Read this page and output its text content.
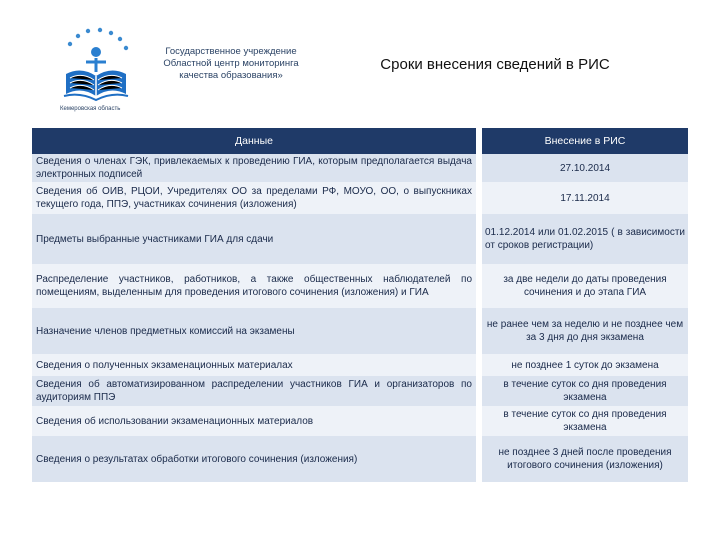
Кемеровская область
Государственное учреждение
Областной центр мониторинга
качества образования»
Сроки внесения сведений в РИС
Данные	Внесение в РИС
Сведения о членах ГЭК, привлекаемых к проведению ГИА, которым предполагается выдача электронных подписей
27.10.2014
Сведения об ОИВ, РЦОИ, Учредителях ОО за пределами РФ, МОУО, ОО, о выпускниках текущего года, ППЭ, участниках сочинения (изложения)
17.11.2014
Предметы выбранные участниками ГИА для сдачи
01.12.2014 или 01.02.2015 ( в зависимости от сроков регистрации)
Распределение участников, работников, а также общественных наблюдателей по помещениям, выделенным для проведения итогового сочинения (изложения) и ГИА
за две недели до даты проведения сочинения и до этапа ГИА
Назначение членов предметных комиссий на экзамены
не ранее чем за неделю и не позднее чем за 3 дня до дня экзамена
Сведения о полученных экзаменационных материалах	не позднее 1 суток до экзамена
Сведения об автоматизированном распределении участников ГИА и организаторов по аудиториям ППЭ
в течение суток со дня проведения экзамена
Сведения об использовании экзаменационных материалов
в течение суток со дня проведения экзамена
Сведения о результатах обработки итогового сочинения (изложения)
не позднее 3 дней после проведения итогового сочинения (изложения)
